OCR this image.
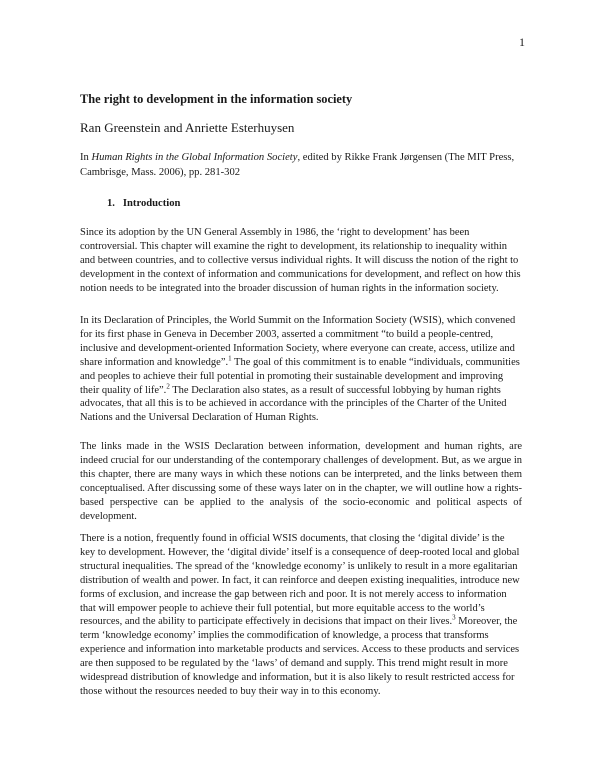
1
The right to development in the information society
Ran Greenstein and Anriette Esterhuysen
In Human Rights in the Global Information Society, edited by Rikke Frank Jørgensen (The MIT Press, Cambrisge, Mass. 2006), pp. 281-302
1. Introduction

Since its adoption by the UN General Assembly in 1986, the ‘right to development’ has been controversial. This chapter will examine the right to development, its relationship to inequality within and between countries, and to collective versus individual rights. It will discuss the notion of the right to development in the context of information and communications for development, and reflect on how this notion needs to be integrated into the broader discussion of human rights in the information society.

In its Declaration of Principles, the World Summit on the Information Society (WSIS), which convened for its first phase in Geneva in December 2003, asserted a commitment “to build a people-centred, inclusive and development-oriented Information Society, where everyone can create, access, utilize and share information and knowledge”.$^1$ The goal of this commitment is to enable “individuals, communities and peoples to achieve their full potential in promoting their sustainable development and improving their quality of life”.$^2$ The Declaration also states, as a result of successful lobbying by human rights advocates, that all this is to be achieved in accordance with the principles of the Charter of the United Nations and the Universal Declaration of Human Rights.

The links made in the WSIS Declaration between information, development and human rights, are indeed crucial for our understanding of the contemporary challenges of development. But, as we argue in this chapter, there are many ways in which these notions can be interpreted, and the links between them conceptualised. After discussing some of these ways later on in the chapter, we will outline how a rights-based perspective can be applied to the analysis of the socio-economic and political aspects of development.

There is a notion, frequently found in official WSIS documents, that closing the ‘digital divide’ is the key to development. However, the ‘digital divide’ itself is a consequence of deep-rooted local and global structural inequalities. The spread of the ‘knowledge economy’ is unlikely to result in a more egalitarian distribution of wealth and power. In fact, it can reinforce and deepen existing inequalities, introduce new forms of exclusion, and increase the gap between rich and poor. It is not merely access to information that will empower people to achieve their full potential, but more equitable access to the world’s resources, and the ability to participate effectively in decisions that impact on their lives.$^3$ Moreover, the term ‘knowledge economy’ implies the commodification of knowledge, a process that transforms experience and information into marketable products and services. Access to these products and services are then supposed to be regulated by the ‘laws’ of demand and supply. This trend might result in more widespread distribution of knowledge and information, but it is also likely to result restricted access for those without the resources needed to buy their way in to this economy.
